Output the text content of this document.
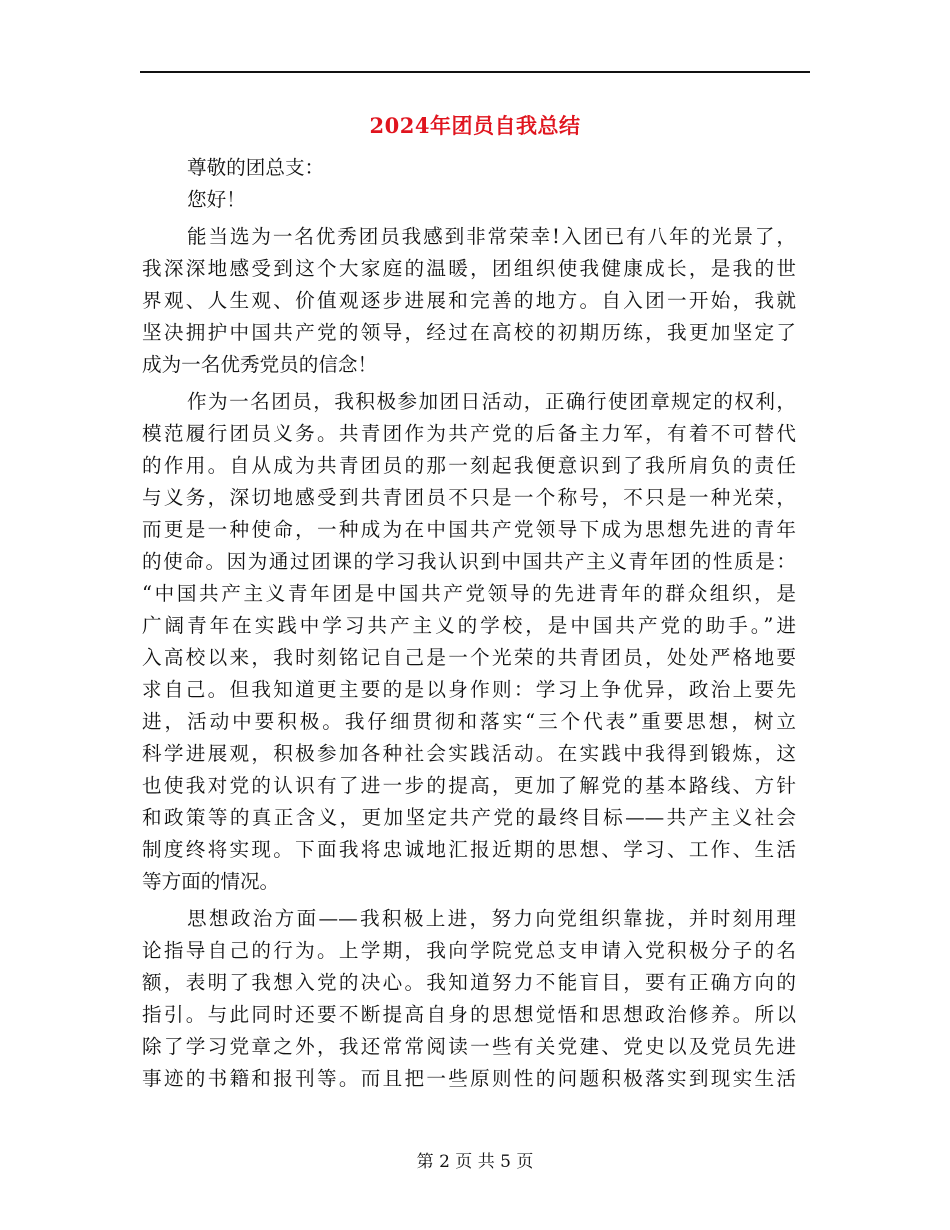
2024年团员自我总结
尊敬的团总支：
您好！
能当选为一名优秀团员我感到非常荣幸!入团已有八年的光景了，
我深深地感受到这个大家庭的温暖，团组织使我健康成长，是我的世
界观、人生观、价值观逐步进展和完善的地方。自入团一开始，我就
坚决拥护中国共产党的领导，经过在高校的初期历练，我更加坚定了
成为一名优秀党员的信念！
作为一名团员，我积极参加团日活动，正确行使团章规定的权利，
模范履行团员义务。共青团作为共产党的后备主力军，有着不可替代
的作用。自从成为共青团员的那一刻起我便意识到了我所肩负的责任
与义务，深切地感受到共青团员不只是一个称号，不只是一种光荣，
而更是一种使命，一种成为在中国共产党领导下成为思想先进的青年
的使命。因为通过团课的学习我认识到中国共产主义青年团的性质是：
“中国共产主义青年团是中国共产党领导的先进青年的群众组织，是
广阔青年在实践中学习共产主义的学校，是中国共产党的助手。”进
入高校以来，我时刻铭记自己是一个光荣的共青团员，处处严格地要
求自己。但我知道更主要的是以身作则：学习上争优异，政治上要先
进，活动中要积极。我仔细贯彻和落实“三个代表”重要思想，树立
科学进展观，积极参加各种社会实践活动。在实践中我得到锻炼，这
也使我对党的认识有了进一步的提高，更加了解党的基本路线、方针
和政策等的真正含义，更加坚定共产党的最终目标——共产主义社会
制度终将实现。下面我将忠诚地汇报近期的思想、学习、工作、生活
等方面的情况。
思想政治方面——我积极上进，努力向党组织靠拢，并时刻用理
论指导自己的行为。上学期，我向学院党总支申请入党积极分子的名
额，表明了我想入党的决心。我知道努力不能盲目，要有正确方向的
指引。与此同时还要不断提高自身的思想觉悟和思想政治修养。所以
除了学习党章之外，我还常常阅读一些有关党建、党史以及党员先进
事迹的书籍和报刊等。而且把一些原则性的问题积极落实到现实生活
第 2 页 共 5 页
